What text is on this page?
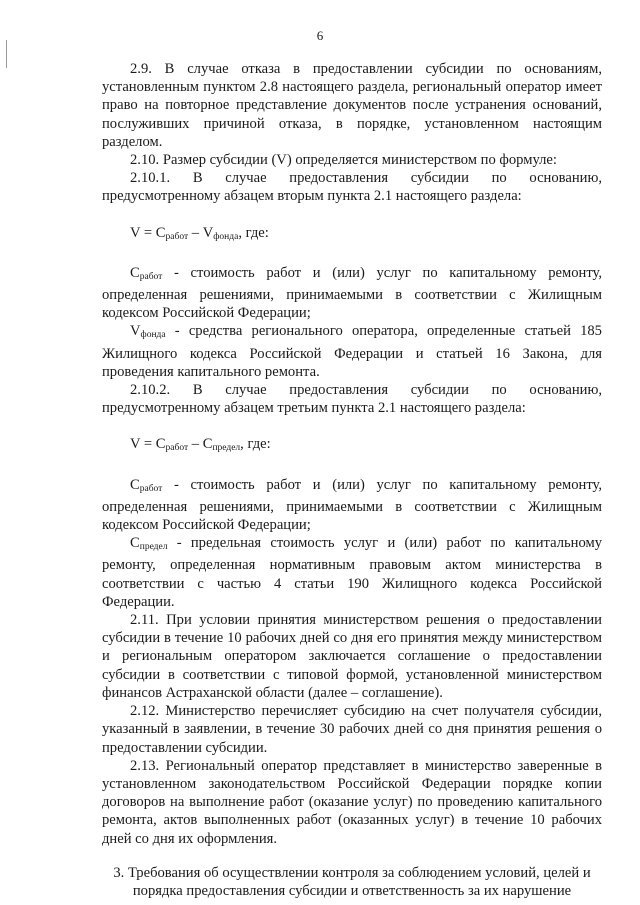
6

2.9. В случае отказа в предоставлении субсидии по основаниям, установленным пунктом 2.8 настоящего раздела, региональный оператор имеет право на повторное представление документов после устранения оснований, послуживших причиной отказа, в порядке, установленном настоящим разделом.

2.10. Размер субсидии (V) определяется министерством по формуле:

2.10.1. В случае предоставления субсидии по основанию, предусмотренному абзацем вторым пункта 2.1 настоящего раздела:

$V = C_{работ} - V_{фонда}$, где:

$C_{работ}$ - стоимость работ и (или) услуг по капитальному ремонту, определенная решениями, принимаемыми в соответствии с Жилищным кодексом Российской Федерации;

$V_{фонда}$ - средства регионального оператора, определенные статьей 185 Жилищного кодекса Российской Федерации и статьей 16 Закона, для проведения капитального ремонта.

2.10.2. В случае предоставления субсидии по основанию, предусмотренному абзацем третьим пункта 2.1 настоящего раздела:

$V = C_{работ} - C_{предел}$, где:

$C_{работ}$ - стоимость работ и (или) услуг по капитальному ремонту, определенная решениями, принимаемыми в соответствии с Жилищным кодексом Российской Федерации;

$C_{предел}$ - предельная стоимость услуг и (или) работ по капитальному ремонту, определенная нормативным правовым актом министерства в соответствии с частью 4 статьи 190 Жилищного кодекса Российской Федерации.

2.11. При условии принятия министерством решения о предоставлении субсидии в течение 10 рабочих дней со дня его принятия между министерством и региональным оператором заключается соглашение о предоставлении субсидии в соответствии с типовой формой, установленной министерством финансов Астраханской области (далее – соглашение).

2.12. Министерство перечисляет субсидию на счет получателя субсидии, указанный в заявлении, в течение 30 рабочих дней со дня принятия решения о предоставлении субсидии.

2.13. Региональный оператор представляет в министерство заверенные в установленном законодательством Российской Федерации порядке копии договоров на выполнение работ (оказание услуг) по проведению капитального ремонта, актов выполненных работ (оказанных услуг) в течение 10 рабочих дней со дня их оформления.

3. Требования об осуществлении контроля за соблюдением условий, целей и порядка предоставления субсидии и ответственность за их нарушение
